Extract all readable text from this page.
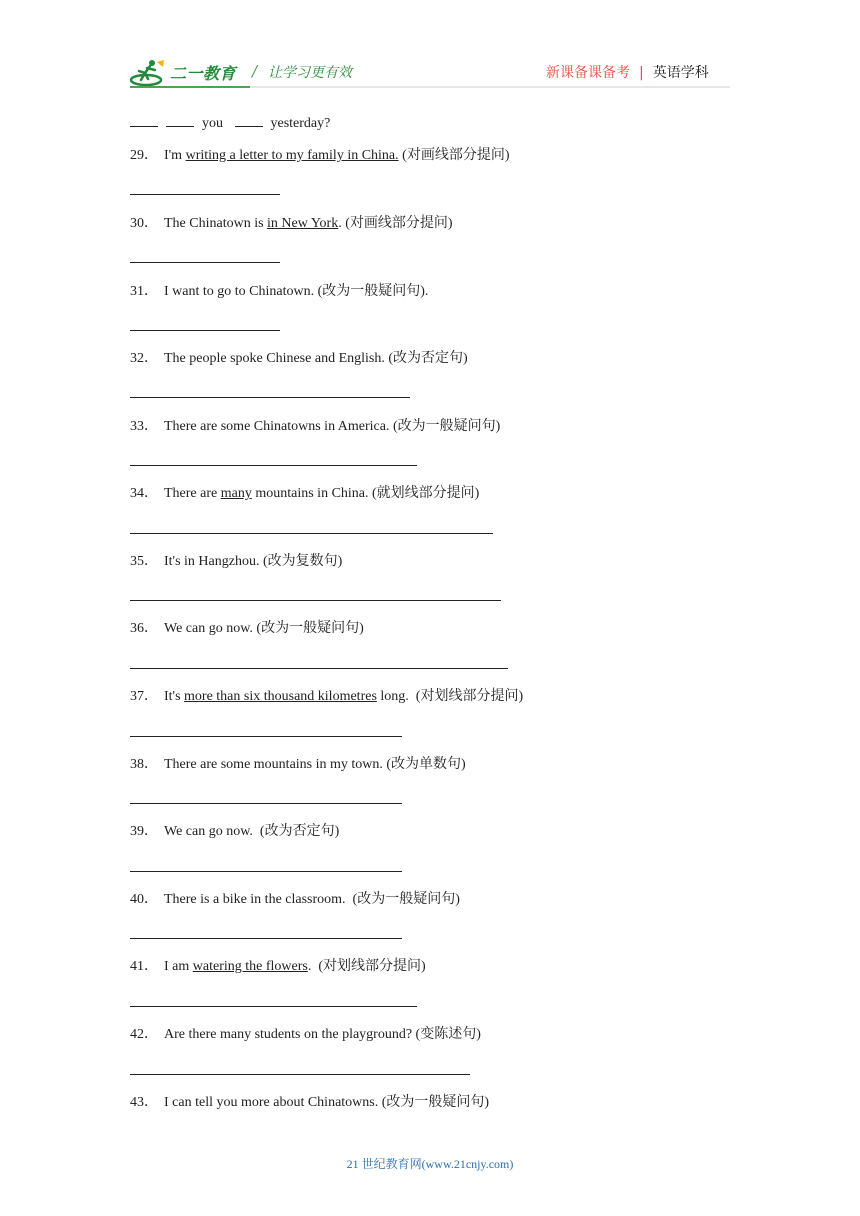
二一教育 / 让学习更有效	新课备课备考 | 英语学科
you	yesterday?
29． I'm writing a letter to my family in China. (对画线部分提问)
30． The Chinatown is in New York. (对画线部分提问)
31． I want to go to Chinatown. (改为一般疑问句).
32． The people spoke Chinese and English. (改为否定句)
33． There are some Chinatowns in America. (改为一般疑问句)
34． There are many mountains in China. (就划线部分提问)
35． It's in Hangzhou. (改为复数句)
36． We can go now. (改为一般疑问句)
37． It's more than six thousand kilometres long.  (对划线部分提问)
38． There are some mountains in my town. (改为单数句)
39． We can go now.  (改为否定句)
40． There is a bike in the classroom.  (改为一般疑问句)
41． I am watering the flowers.  (对划线部分提问)
42． Are there many students on the playground? (变陈述句)
43． I can tell you more about Chinatowns. (改为一般疑问句)
21 世纪教育网(www.21cnjy.com)
